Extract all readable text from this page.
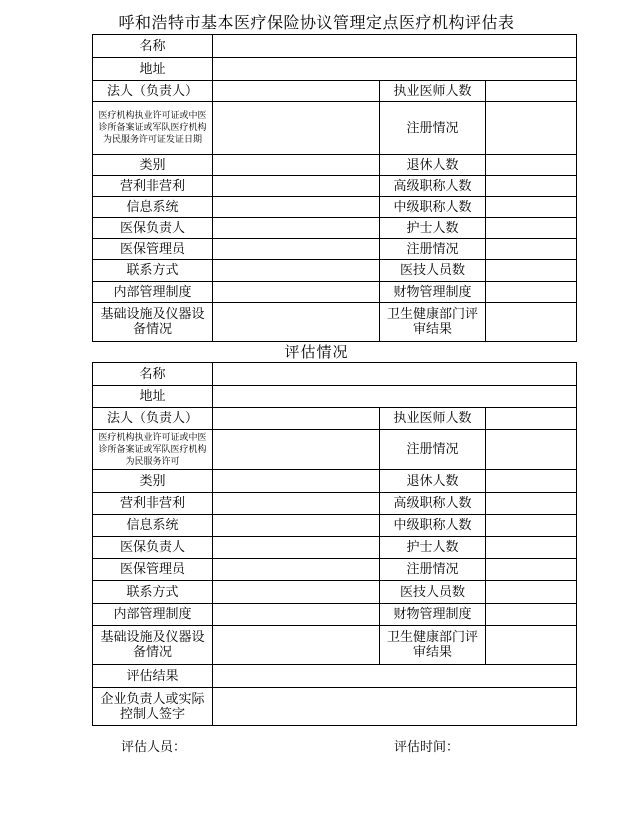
呼和浩特市基本医疗保险协议管理定点医疗机构评估表
名称			
地址			
法人（负责人）		执业医师人数	
医疗机构执业许可证或中医诊所备案证或军队医疗机构为民服务许可证发证日期		注册情况	
类别		退休人数	
营利非营利		高级职称人数	
信息系统		中级职称人数	
医保负责人		护士人数	
医保管理员		注册情况	
联系方式		医技人员数	
内部管理制度		财物管理制度	
基础设施及仪器设备情况		卫生健康部门评审结果	
评估情况
名称			
地址			
法人（负责人）		执业医师人数	
医疗机构执业许可证或中医诊所备案证或军队医疗机构为民服务许可		注册情况	
类别		退休人数	
营利非营利		高级职称人数	
信息系统		中级职称人数	
医保负责人		护士人数	
医保管理员		注册情况	
联系方式		医技人员数	
内部管理制度		财物管理制度	
基础设施及仪器设备情况		卫生健康部门评审结果	
评估结果			
企业负责人或实际控制人签字			
评估人员：	评估时间：
